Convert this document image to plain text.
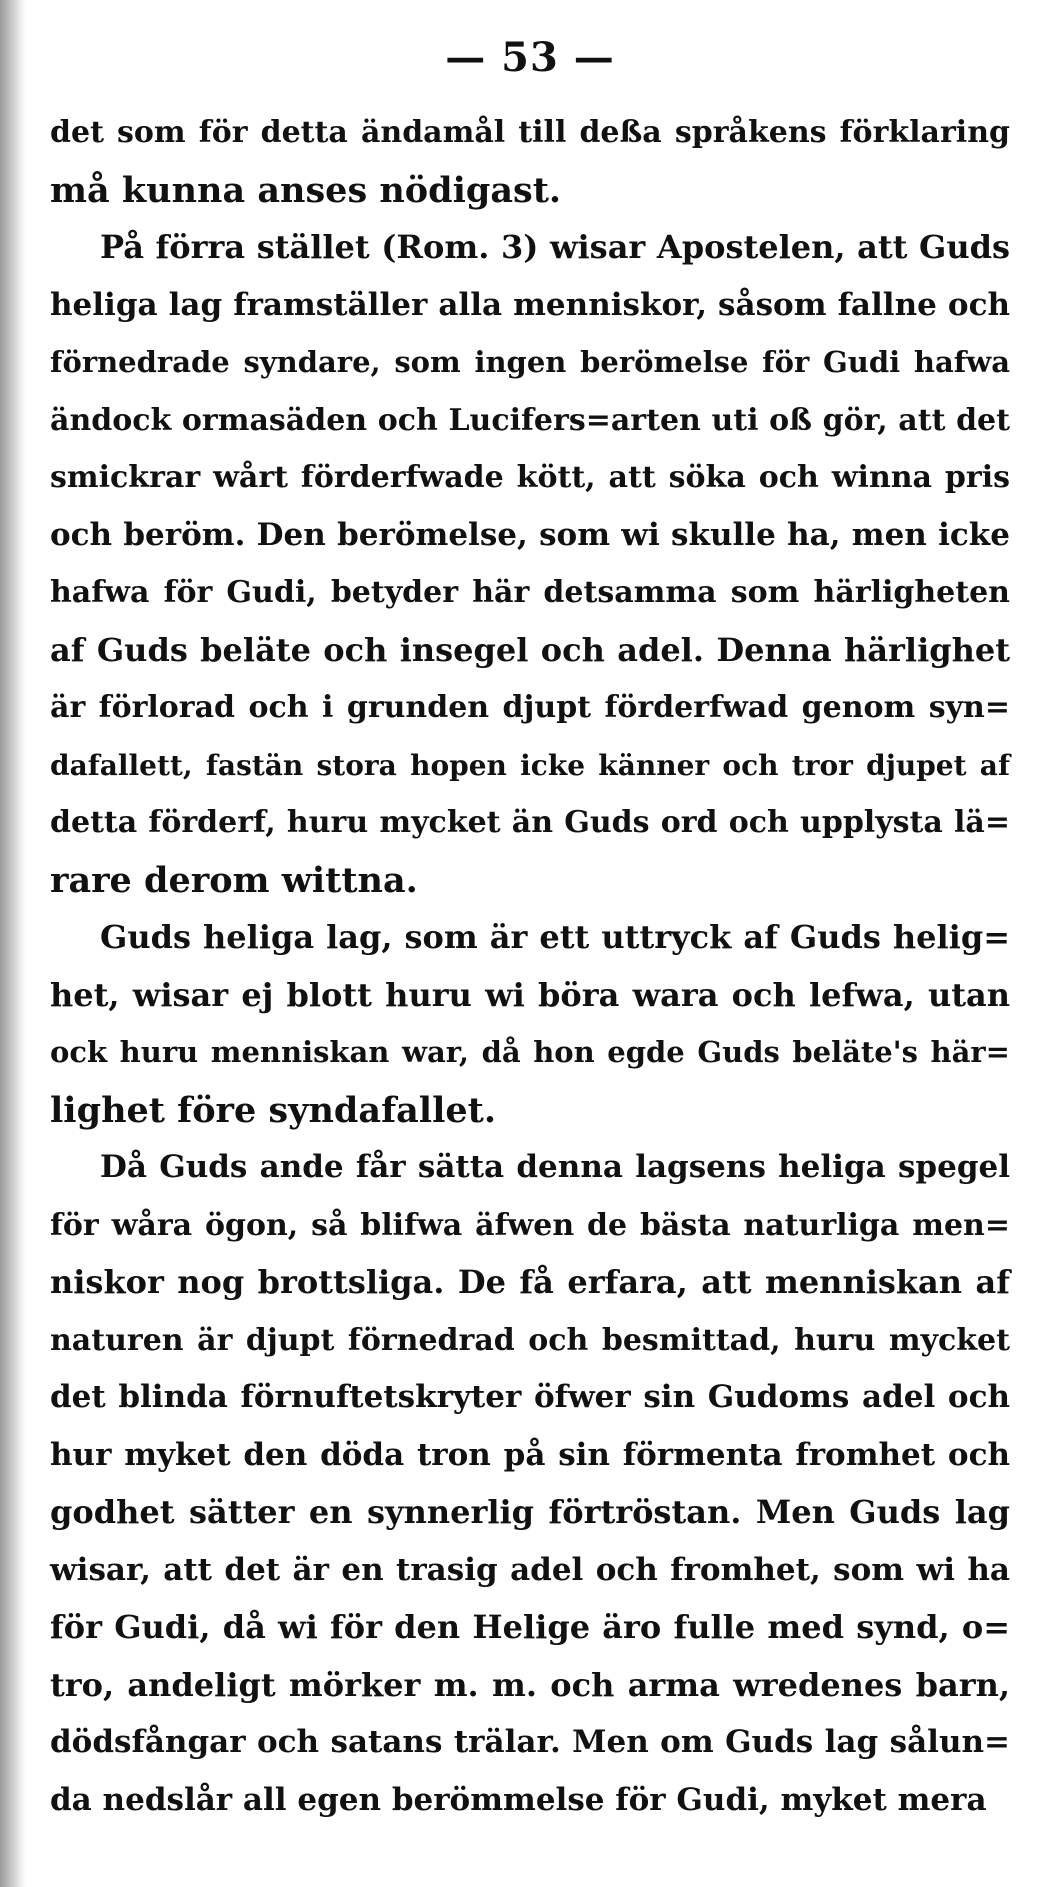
— 53 —
det som för detta ändamål till deßa språkens förklaring
må kunna anses nödigast.
På förra stället (Rom. 3) wisar Apostelen, att Guds
heliga lag framställer alla menniskor, såsom fallne och
förnedrade syndare, som ingen berömelse för Gudi hafwa
ändock ormasäden och Lucifers=arten uti oß gör, att det
smickrar wårt förderfwade kött, att söka och winna pris
och beröm. Den berömelse, som wi skulle ha, men icke
hafwa för Gudi, betyder här detsamma som härligheten
af Guds beläte och insegel och adel. Denna härlighet
är förlorad och i grunden djupt förderfwad genom syn=
dafallett, fastän stora hopen icke känner och tror djupet af
detta förderf, huru mycket än Guds ord och upplysta lä=
rare derom wittna.
Guds heliga lag, som är ett uttryck af Guds helig=
het, wisar ej blott huru wi böra wara och lefwa, utan
ock huru menniskan war, då hon egde Guds beläte's här=
lighet före syndafallet.
Då Guds ande får sätta denna lagsens heliga spegel
för wåra ögon, så blifwa äfwen de bästa naturliga men=
niskor nog brottsliga. De få erfara, att menniskan af
naturen är djupt förnedrad och besmittad, huru mycket
det blinda förnuftetskryter öfwer sin Gudoms adel och
hur myket den döda tron på sin förmenta fromhet och
godhet sätter en synnerlig förtröstan. Men Guds lag
wisar, att det är en trasig adel och fromhet, som wi ha
för Gudi, då wi för den Helige äro fulle med synd, o=
tro, andeligt mörker m. m. och arma wredenes barn,
dödsfångar och satans trälar. Men om Guds lag sålun=
da nedslår all egen berömmelse för Gudi, myket mera
